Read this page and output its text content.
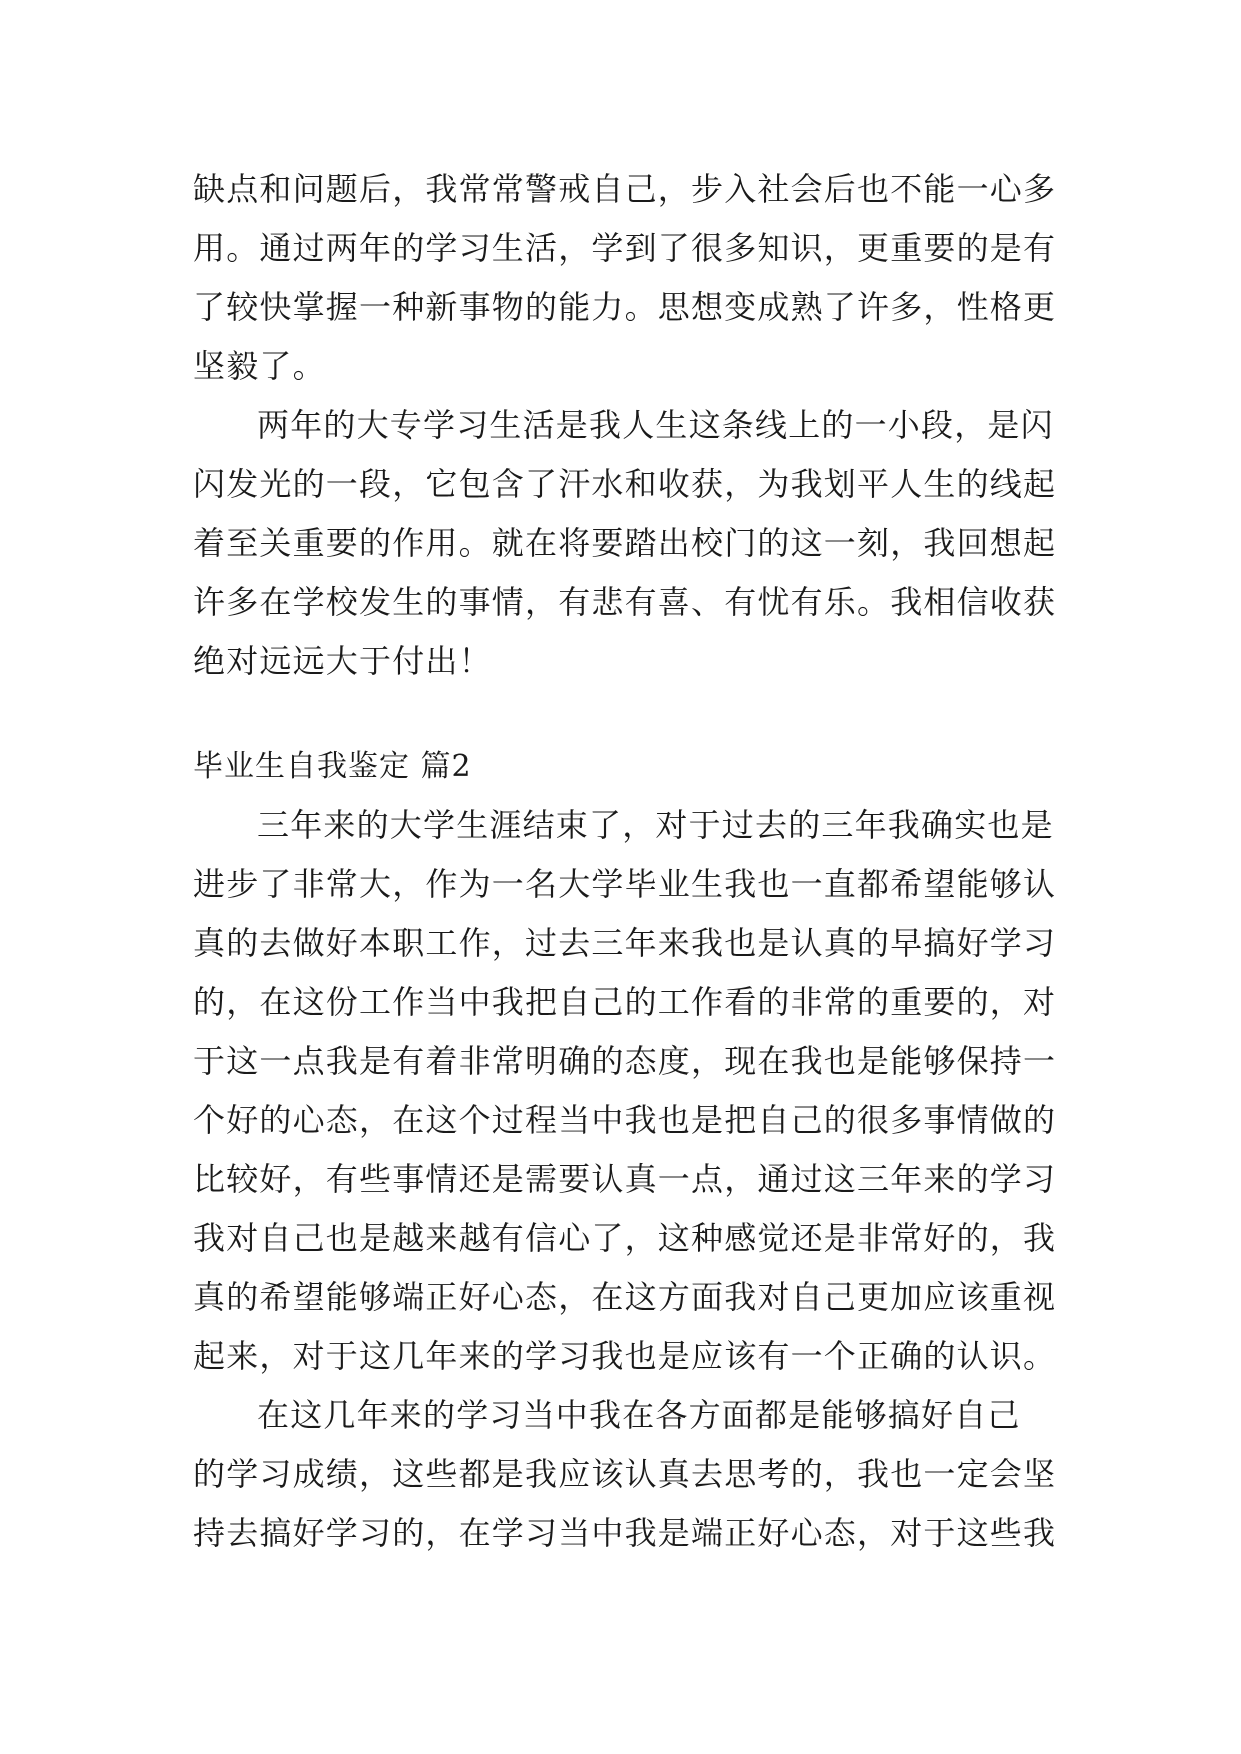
缺点和问题后，我常常警戒自己，步入社会后也不能一心多
用。通过两年的学习生活，学到了很多知识，更重要的是有
了较快掌握一种新事物的能力。思想变成熟了许多，性格更
坚毅了。
两年的大专学习生活是我人生这条线上的一小段，是闪
闪发光的一段，它包含了汗水和收获，为我划平人生的线起
着至关重要的作用。就在将要踏出校门的这一刻，我回想起
许多在学校发生的事情，有悲有喜、有忧有乐。我相信收获
绝对远远大于付出！
毕业生自我鉴定 篇2
三年来的大学生涯结束了，对于过去的三年我确实也是
进步了非常大，作为一名大学毕业生我也一直都希望能够认
真的去做好本职工作，过去三年来我也是认真的早搞好学习
的，在这份工作当中我把自己的工作看的非常的重要的，对
于这一点我是有着非常明确的态度，现在我也是能够保持一
个好的心态，在这个过程当中我也是把自己的很多事情做的
比较好，有些事情还是需要认真一点，通过这三年来的学习
我对自己也是越来越有信心了，这种感觉还是非常好的，我
真的希望能够端正好心态，在这方面我对自己更加应该重视
起来，对于这几年来的学习我也是应该有一个正确的认识。
在这几年来的学习当中我在各方面都是能够搞好自己
的学习成绩，这些都是我应该认真去思考的，我也一定会坚
持去搞好学习的，在学习当中我是端正好心态，对于这些我
